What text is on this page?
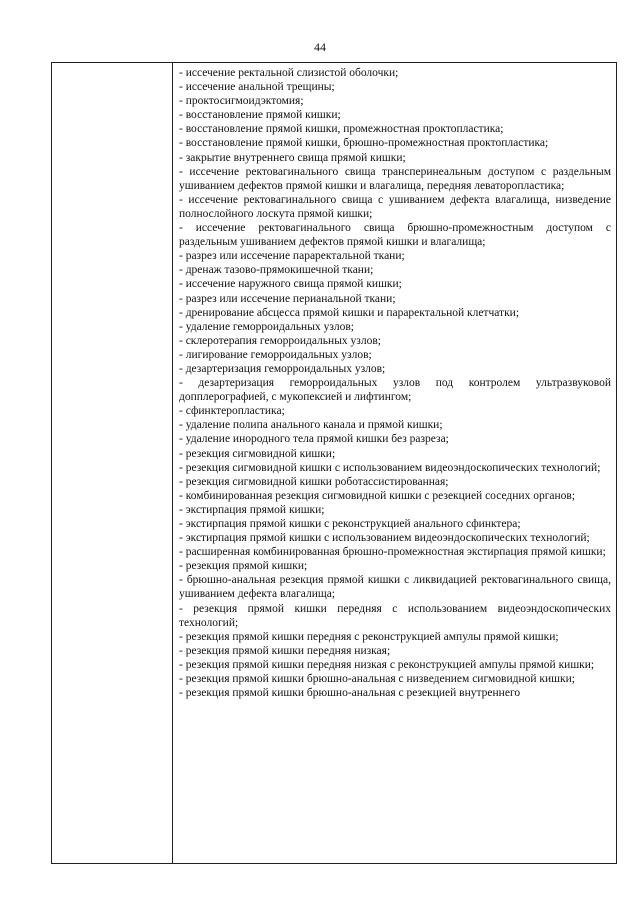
44
- иссечение ректальной слизистой оболочки;
- иссечение анальной трещины;
- проктосигмоидэктомия;
- восстановление прямой кишки;
- восстановление прямой кишки, промежностная проктопластика;
- восстановление прямой кишки, брюшно-промежностная проктопластика;
- закрытие внутреннего свища прямой кишки;
- иссечение ректовагинального свища трансперинеальным доступом с раздельным ушиванием дефектов прямой кишки и влагалища, передняя леваторопластика;
- иссечение ректовагинального свища с ушиванием дефекта влагалища, низведение полнослойного лоскута прямой кишки;
- иссечение ректовагинального свища брюшно-промежностным доступом с раздельным ушиванием дефектов прямой кишки и влагалища;
- разрез или иссечение параректальной ткани;
- дренаж тазово-прямокишечной ткани;
- иссечение наружного свища прямой кишки;
- разрез или иссечение перианальной ткани;
- дренирование абсцесса прямой кишки и параректальной клетчатки;
- удаление геморроидальных узлов;
- склеротерапия геморроидальных узлов;
- лигирование геморроидальных узлов;
- дезартеризация геморроидальных узлов;
- дезартеризация геморроидальных узлов под контролем ультразвуковой допплерографией, с мукопексией и лифтингом;
- сфинктеропластика;
- удаление полипа анального канала и прямой кишки;
- удаление инородного тела прямой кишки без разреза;
- резекция сигмовидной кишки;
- резекция сигмовидной кишки с использованием видеоэндоскопических технологий;
- резекция сигмовидной кишки роботассистированная;
- комбинированная резекция сигмовидной кишки с резекцией соседних органов;
- экстирпация прямой кишки;
- экстирпация прямой кишки с реконструкцией анального сфинктера;
- экстирпация прямой кишки с использованием видеоэндоскопических технологий;
- расширенная комбинированная брюшно-промежностная экстирпация прямой кишки;
- резекция прямой кишки;
- брюшно-анальная резекция прямой кишки с ликвидацией ректовагинального свища, ушиванием дефекта влагалища;
- резекция прямой кишки передняя с использованием видеоэндоскопических технологий;
- резекция прямой кишки передняя с реконструкцией ампулы прямой кишки;
- резекция прямой кишки передняя низкая;
- резекция прямой кишки передняя низкая с реконструкцией ампулы прямой кишки;
- резекция прямой кишки брюшно-анальная с низведением сигмовидной кишки;
- резекция прямой кишки брюшно-анальная с резекцией внутреннего
